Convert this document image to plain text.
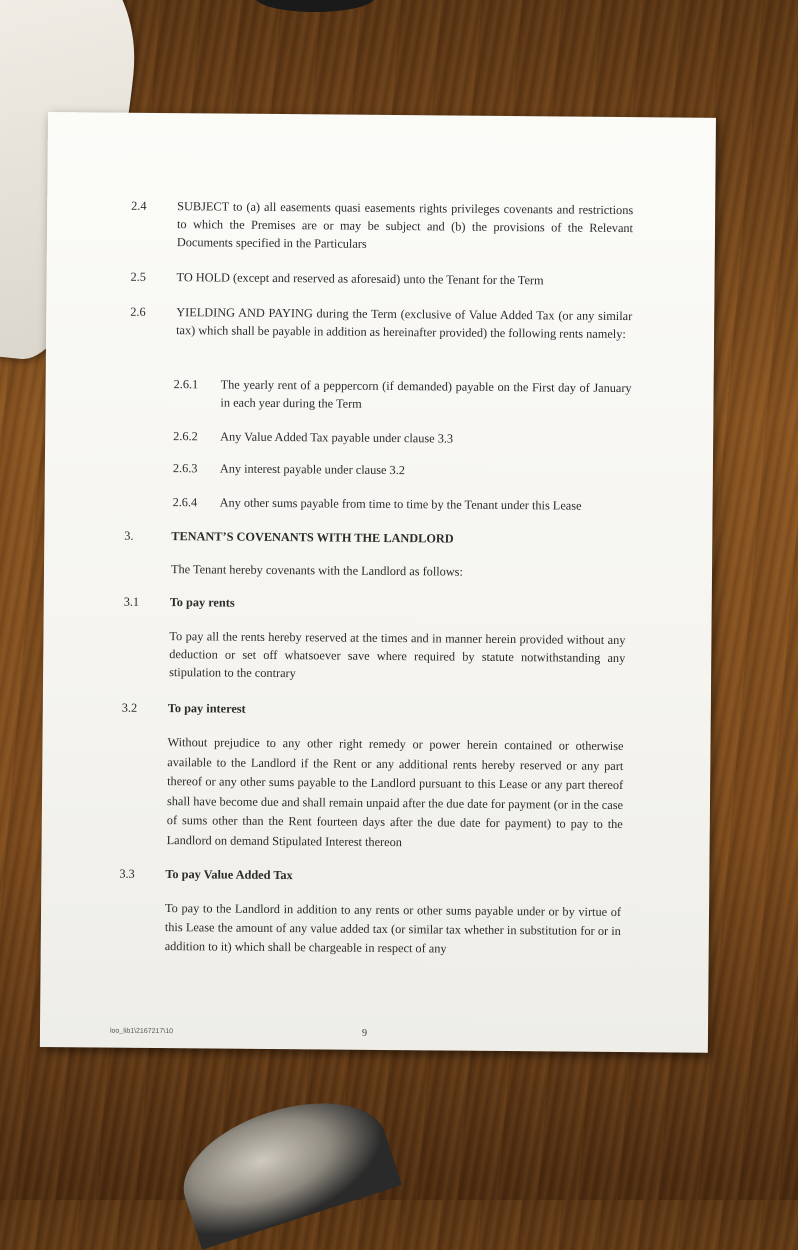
2.4 SUBJECT to (a) all easements quasi easements rights privileges covenants and restrictions to which the Premises are or may be subject and (b) the provisions of the Relevant Documents specified in the Particulars
2.5 TO HOLD (except and reserved as aforesaid) unto the Tenant for the Term
2.6 YIELDING AND PAYING during the Term (exclusive of Value Added Tax (or any similar tax) which shall be payable in addition as hereinafter provided) the following rents namely:
2.6.1 The yearly rent of a peppercorn (if demanded) payable on the First day of January in each year during the Term
2.6.2 Any Value Added Tax payable under clause 3.3
2.6.3 Any interest payable under clause 3.2
2.6.4 Any other sums payable from time to time by the Tenant under this Lease
3.	TENANT’S COVENANTS WITH THE LANDLORD
The Tenant hereby covenants with the Landlord as follows:
3.1 To pay rents
To pay all the rents hereby reserved at the times and in manner herein provided without any deduction or set off whatsoever save where required by statute notwithstanding any stipulation to the contrary
3.2 To pay interest
Without prejudice to any other right remedy or power herein contained or otherwise available to the Landlord if the Rent or any additional rents hereby reserved or any part thereof or any other sums payable to the Landlord pursuant to this Lease or any part thereof shall have become due and shall remain unpaid after the due date for payment (or in the case of sums other than the Rent fourteen days after the due date for payment) to pay to the Landlord on demand Stipulated Interest thereon
3.3 To pay Value Added Tax
To pay to the Landlord in addition to any rents or other sums payable under or by virtue of this Lease the amount of any value added tax (or similar tax whether in substitution for or in addition to it) which shall be chargeable in respect of any
loo_lib1\2167217\10	9
